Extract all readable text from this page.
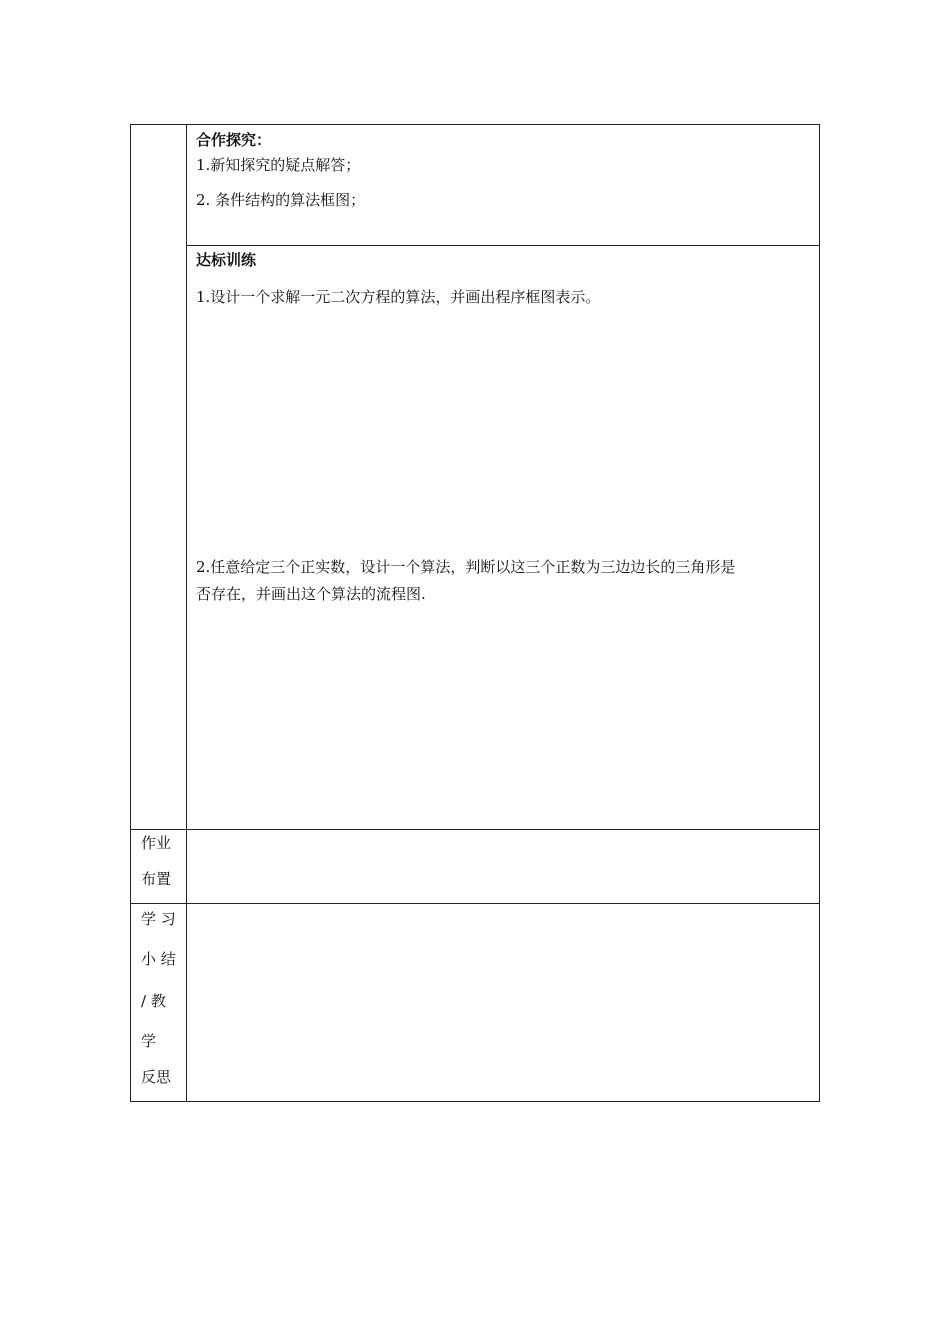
合作探究：
1.新知探究的疑点解答；
2. 条件结构的算法框图；
达标训练
1.设计一个求解一元二次方程的算法，并画出程序框图表示。
2.任意给定三个正实数，设计一个算法，判断以这三个正数为三边边长的三角形是
否存在，并画出这个算法的流程图.
作业
布置
学 习
小 结
/ 教
学
反思
